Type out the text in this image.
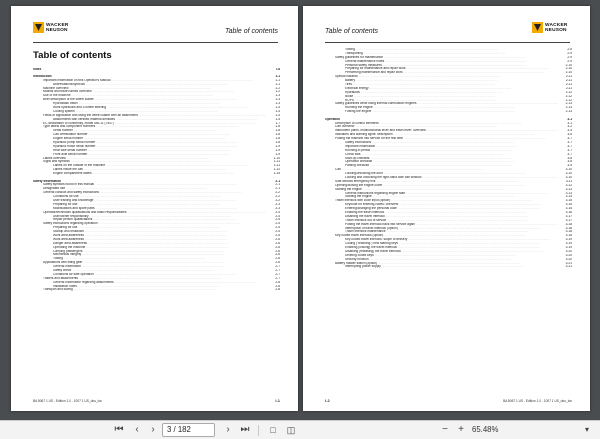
WACKER
NEUSON	Table of contents
Table of contents
Index	I-8
Introduction	1-1
Important information on this Operator's Manual .....	1-1
Abbreviations/symbols .....	1-1
Machine overview .....	1-2
Models and trade names overview .....	1-2
Use of the machine .....	1-3
Brief description of the wheel loader .....	1-3
Hydrostatic travel .....	1-3
Work hydraulics and 4-wheel steering .....	1-4
Cooling system .....	1-4
Fields of application and using the wheel loader with an attachment .....	1-4
Attachments with certified material densities .....	1-5
EC declaration of conformity, model 5x6-11 (7507) .....	1-7
Type labels and component numbers .....	1-8
Serial number .....	1-8
Cab certification number .....	1-8
Engine serial number .....	1-8
Hydraulic pump serial number .....	1-8
Hydraulic motor serial number .....	1-9
Rear axle serial number .....	1-9
Front axle serial number .....	1-9
Labels overview .....	1-10
Signs and symbols .....	1-11
Labels on the outside of the machine .....	1-11
Labels inside the cab .....	1-12
Engine compartment labels .....	1-15
Safety information	2-1
Safety symbols found in this manual .....	2-1
Designated use .....	2-1
General conduct and safety instructions .....	2-2
Conditions for use .....	2-2
User training and knowledge .....	2-2
Preparing for use .....	2-3
Modifications and spare parts .....	2-3
Operator/technician qualifications and basic responsibilities .....	2-4
User/owner responsibility .....	2-4
Repair person qualifications .....	2-5
Safety instructions regarding operation .....	2-5
Preparing for use .....	2-5
Startup and shutdown .....	2-5
Work area awareness .....	2-5
Work area awareness .....	2-6
Danger area awareness .....	2-6
Operating the machine .....	2-6
Carrying passengers .....	2-6
Mechanical integrity .....	2-6
Towing .....	2-6
Applications with lifting gear .....	2-6
General information .....	2-7
Safety check .....	2-7
Conditions for safe operation .....	2-7
Trailers and attachments .....	2-7
General information regarding attachments .....	2-8
Installation notes .....	2-8
Transport and towing .....	2-8
BA 8067 1 US - Edition 1.0 - 1007 1 US_ubu_toc	I-1
Table of contents
WACKER
NEUSON
Towing .....	2-8
Transporting .....	2-9
Safety guidelines for maintenance .....	2-9
General maintenance notes .....	2-9
Personal safety measures .....	2-10
Preparing for maintenance and repair work .....	2-10
Performing maintenance and repair work .....	2-10
Special hazards .....	2-11
Battery .....	2-11
Tires .....	2-11
Electrical energy .....	2-11
Hydraulics .....	2-12
Noise .....	2-12
ROPS .....	2-12
Safety guidelines while using internal combustion engines .....	2-13
Running the engine .....	2-13
Fueling the engine .....	2-13
Operation	3-1
Description of control elements .....	3-1
Cab overview .....	3-2
Instrument panel, multifunctional lever and travel lever: overview .....	3-4
Indicators and warning lights: description .....	3-6
Putting the machine into service for the first time .....	3-7
Safety instructions .....	3-7
Important information .....	3-7
Running-in period .....	3-7
Check lists .....	3-7
Start-up checklist .....	3-8
Operation checklist .....	3-8
Parking checklist .....	3-9
Cab .....	3-10
Locking/unlocking the door .....	3-10
Locking and unlocking the right-hand side cab window .....	3-10
Side window emergency exit .....	3-11
Opening/closing the engine cover .....	3-12
Starting the engine .....	3-13
General instructions regarding engine start .....	3-13
Starting the engine .....	3-14
Travel interlock with code input (option) .....	3-15
Keycode for entering codes: overview .....	3-15
Entering/changing the personal code .....	3-16
Enabling the travel interlock .....	3-16
Disabling the travel interlock .....	3-17
Travel interlock out of service .....	3-17
Putting the travel interlock back into service again .....	3-18
Interruption of travel interlock (option) .....	3-18
Travel interlock maintenance .....	3-18
Key-coded travel interlock (option) .....	3-18
Key-coded travel interlock: scope of delivery .....	3-19
Coding ("teaching") new starting keys .....	3-19
Enabling (locking) the travel interlock .....	3-19
Disabling (releasing) the travel interlock .....	3-20
Deleting coded keys .....	3-20
Security function .....	3-20
Battery master switch (option) .....	3-21
Interrupting power supply .....	3-21
I-2	BA 8067 1 US - Edition 1.0 - 1007 1 US_ubu_toc
⏮	‹	›	3 / 182	›	⏭	□	◫	−	+	65.48%	▾
